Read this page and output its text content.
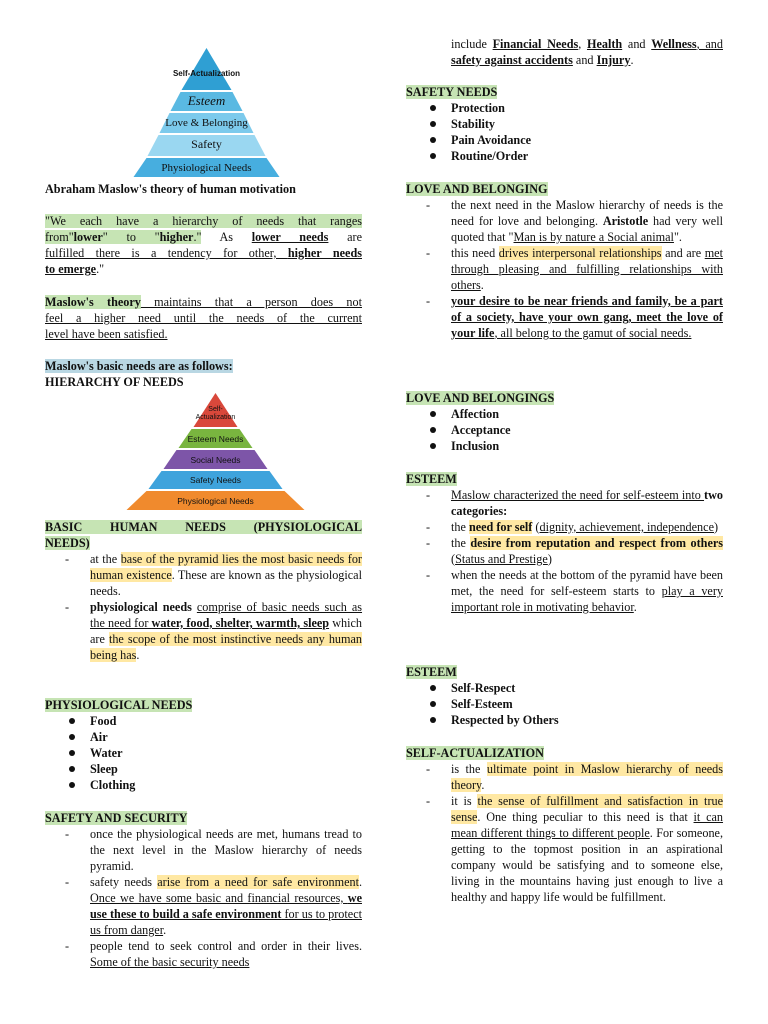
Self-Actualization
Esteem
Love & Belonging
Safety
Physiological Needs
Abraham Maslow's theory of human motivation
"We each have a hierarchy of needs that ranges
from"lower" to "higher." As lower needs are
fulfilled there is a tendency for other, higher needs
to emerge."
Maslow's theory maintains that a person does not
feel a higher need until the needs of the current
level have been satisfied.
Maslow's basic needs are as follows:
HIERARCHY OF NEEDS
Self-Actualization
Esteem Needs
Social Needs
Safety Needs
Physiological Needs
BASIC HUMAN NEEDS (PHYSIOLOGICAL
NEEDS)
- at the base of the pyramid lies the most basic needs for human existence. These are known as the physiological needs.
- physiological needs comprise of basic needs such as the need for water, food, shelter, warmth, sleep which are the scope of the most instinctive needs any human being has.
PHYSIOLOGICAL NEEDS
Food
Air
Water
Sleep
Clothing
SAFETY AND SECURITY
- once the physiological needs are met, humans tread to the next level in the Maslow hierarchy of needs pyramid.
- safety needs arise from a need for safe environment. Once we have some basic and financial resources, we use these to build a safe environment for us to protect us from danger.
- people tend to seek control and order in their lives. Some of the basic security needs
include Financial Needs, Health and Wellness, and safety against accidents and Injury.
SAFETY NEEDS
Protection
Stability
Pain Avoidance
Routine/Order
LOVE AND BELONGING
- the next need in the Maslow hierarchy of needs is the need for love and belonging. Aristotle had very well quoted that "Man is by nature a Social animal".
- this need drives interpersonal relationships and are met through pleasing and fulfilling relationships with others.
- your desire to be near friends and family, be a part of a society, have your own gang, meet the love of your life, all belong to the gamut of social needs.
LOVE AND BELONGINGS
Affection
Acceptance
Inclusion
ESTEEM
- Maslow characterized the need for self-esteem into two categories:
- the need for self (dignity, achievement, independence)
- the desire from reputation and respect from others (Status and Prestige)
- when the needs at the bottom of the pyramid have been met, the need for self-esteem starts to play a very important role in motivating behavior.
ESTEEM
Self-Respect
Self-Esteem
Respected by Others
SELF-ACTUALIZATION
- is the ultimate point in Maslow hierarchy of needs theory.
- it is the sense of fulfillment and satisfaction in true sense. One thing peculiar to this need is that it can mean different things to different people. For someone, getting to the topmost position in an aspirational company would be satisfying and to someone else, living in the mountains having just enough to live a healthy and happy life would be fulfillment.
